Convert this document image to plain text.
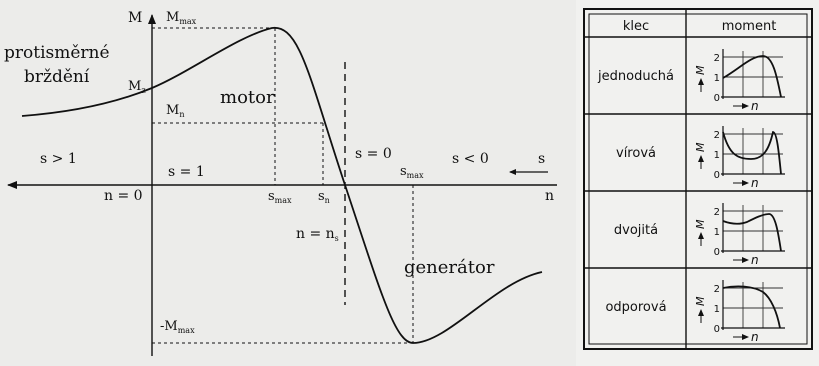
M
n
s
$M_{max}$
$M_z$
$M_n$
$-M_{max}$
protisměrné
brždění
motor
generátor
s > 1
s = 1
s = 0	s < 0
n = 0	$s_{max}$ $s_n$
$n = n_s$
$s_{max}$
klec	moment
jednoduchá
0
1
2
M
n
vírová
0
1
2
M
n
dvojitá
0
1
2
M
n
odporová
0
1
2
M
n
